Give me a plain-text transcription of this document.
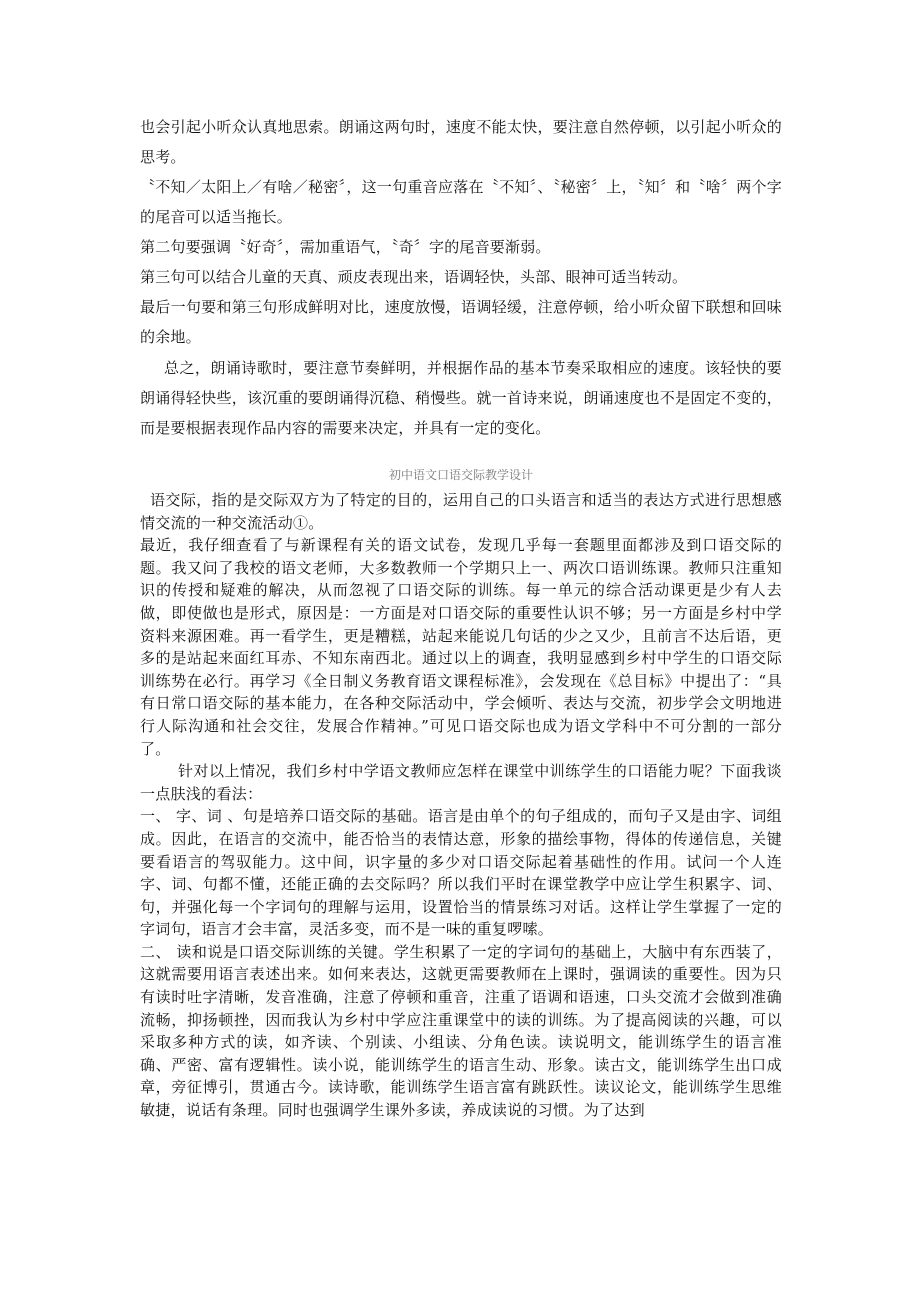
也会引起小听众认真地思索。朗诵这两句时，速度不能太快，要注意自然停顿，以引起小听众的思考。

〝不知／太阳上／有啥／秘密〞，这一句重音应落在〝不知〞、〝秘密〞上，〝知〞和〝啥〞两个字的尾音可以适当拖长。

第二句要强调〝好奇〞，需加重语气，〝奇〞字的尾音要渐弱。

第三句可以结合儿童的天真、顽皮表现出来，语调轻快，头部、眼神可适当转动。

最后一句要和第三句形成鲜明对比，速度放慢，语调轻缓，注意停顿，给小听众留下联想和回味的余地。

总之，朗诵诗歌时，要注意节奏鲜明，并根据作品的基本节奏采取相应的速度。该轻快的要朗诵得轻快些，该沉重的要朗诵得沉稳、稍慢些。就一首诗来说，朗诵速度也不是固定不变的，而是要根据表现作品内容的需要来决定，并具有一定的变化。

初中语文口语交际教学设计

语交际，指的是交际双方为了特定的目的，运用自己的口头语言和适当的表达方式进行思想感情交流的一种交流活动①。

最近，我仔细查看了与新课程有关的语文试卷，发现几乎每一套题里面都涉及到口语交际的题。我又问了我校的语文老师，大多数教师一个学期只上一、两次口语训练课。教师只注重知识的传授和疑难的解决，从而忽视了口语交际的训练。每一单元的综合活动课更是少有人去做，即使做也是形式，原因是：一方面是对口语交际的重要性认识不够；另一方面是乡村中学资料来源困难。再一看学生，更是糟糕，站起来能说几句话的少之又少，且前言不达后语，更多的是站起来面红耳赤、不知东南西北。通过以上的调查，我明显感到乡村中学生的口语交际训练势在必行。再学习《全日制义务教育语文课程标准》，会发现在《总目标》中提出了：“具有日常口语交际的基本能力，在各种交际活动中，学会倾听、表达与交流，初步学会文明地进行人际沟通和社会交往，发展合作精神。”可见口语交际也成为语文学科中不可分割的一部分了。

针对以上情况，我们乡村中学语文教师应怎样在课堂中训练学生的口语能力呢？下面我谈一点肤浅的看法：

一、 字、词 、句是培养口语交际的基础。语言是由单个的句子组成的，而句子又是由字、词组成。因此，在语言的交流中，能否恰当的表情达意，形象的描绘事物，得体的传递信息，关键要看语言的驾驭能力。这中间，识字量的多少对口语交际起着基础性的作用。试问一个人连字、词、句都不懂，还能正确的去交际吗？所以我们平时在课堂教学中应让学生积累字、词、句，并强化每一个字词句的理解与运用，设置恰当的情景练习对话。这样让学生掌握了一定的字词句，语言才会丰富，灵活多变，而不是一味的重复啰嗦。

二、 读和说是口语交际训练的关键。学生积累了一定的字词句的基础上，大脑中有东西装了，这就需要用语言表述出来。如何来表达，这就更需要教师在上课时，强调读的重要性。因为只有读时吐字清晰，发音准确，注意了停顿和重音，注重了语调和语速，口头交流才会做到准确流畅，抑扬顿挫，因而我认为乡村中学应注重课堂中的读的训练。为了提高阅读的兴趣，可以采取多种方式的读，如齐读、个别读、小组读、分角色读。读说明文，能训练学生的语言准确、严密、富有逻辑性。读小说，能训练学生的语言生动、形象。读古文，能训练学生出口成章，旁征博引，贯通古今。读诗歌，能训练学生语言富有跳跃性。读议论文，能训练学生思维敏捷，说话有条理。同时也强调学生课外多读，养成读说的习惯。为了达到
